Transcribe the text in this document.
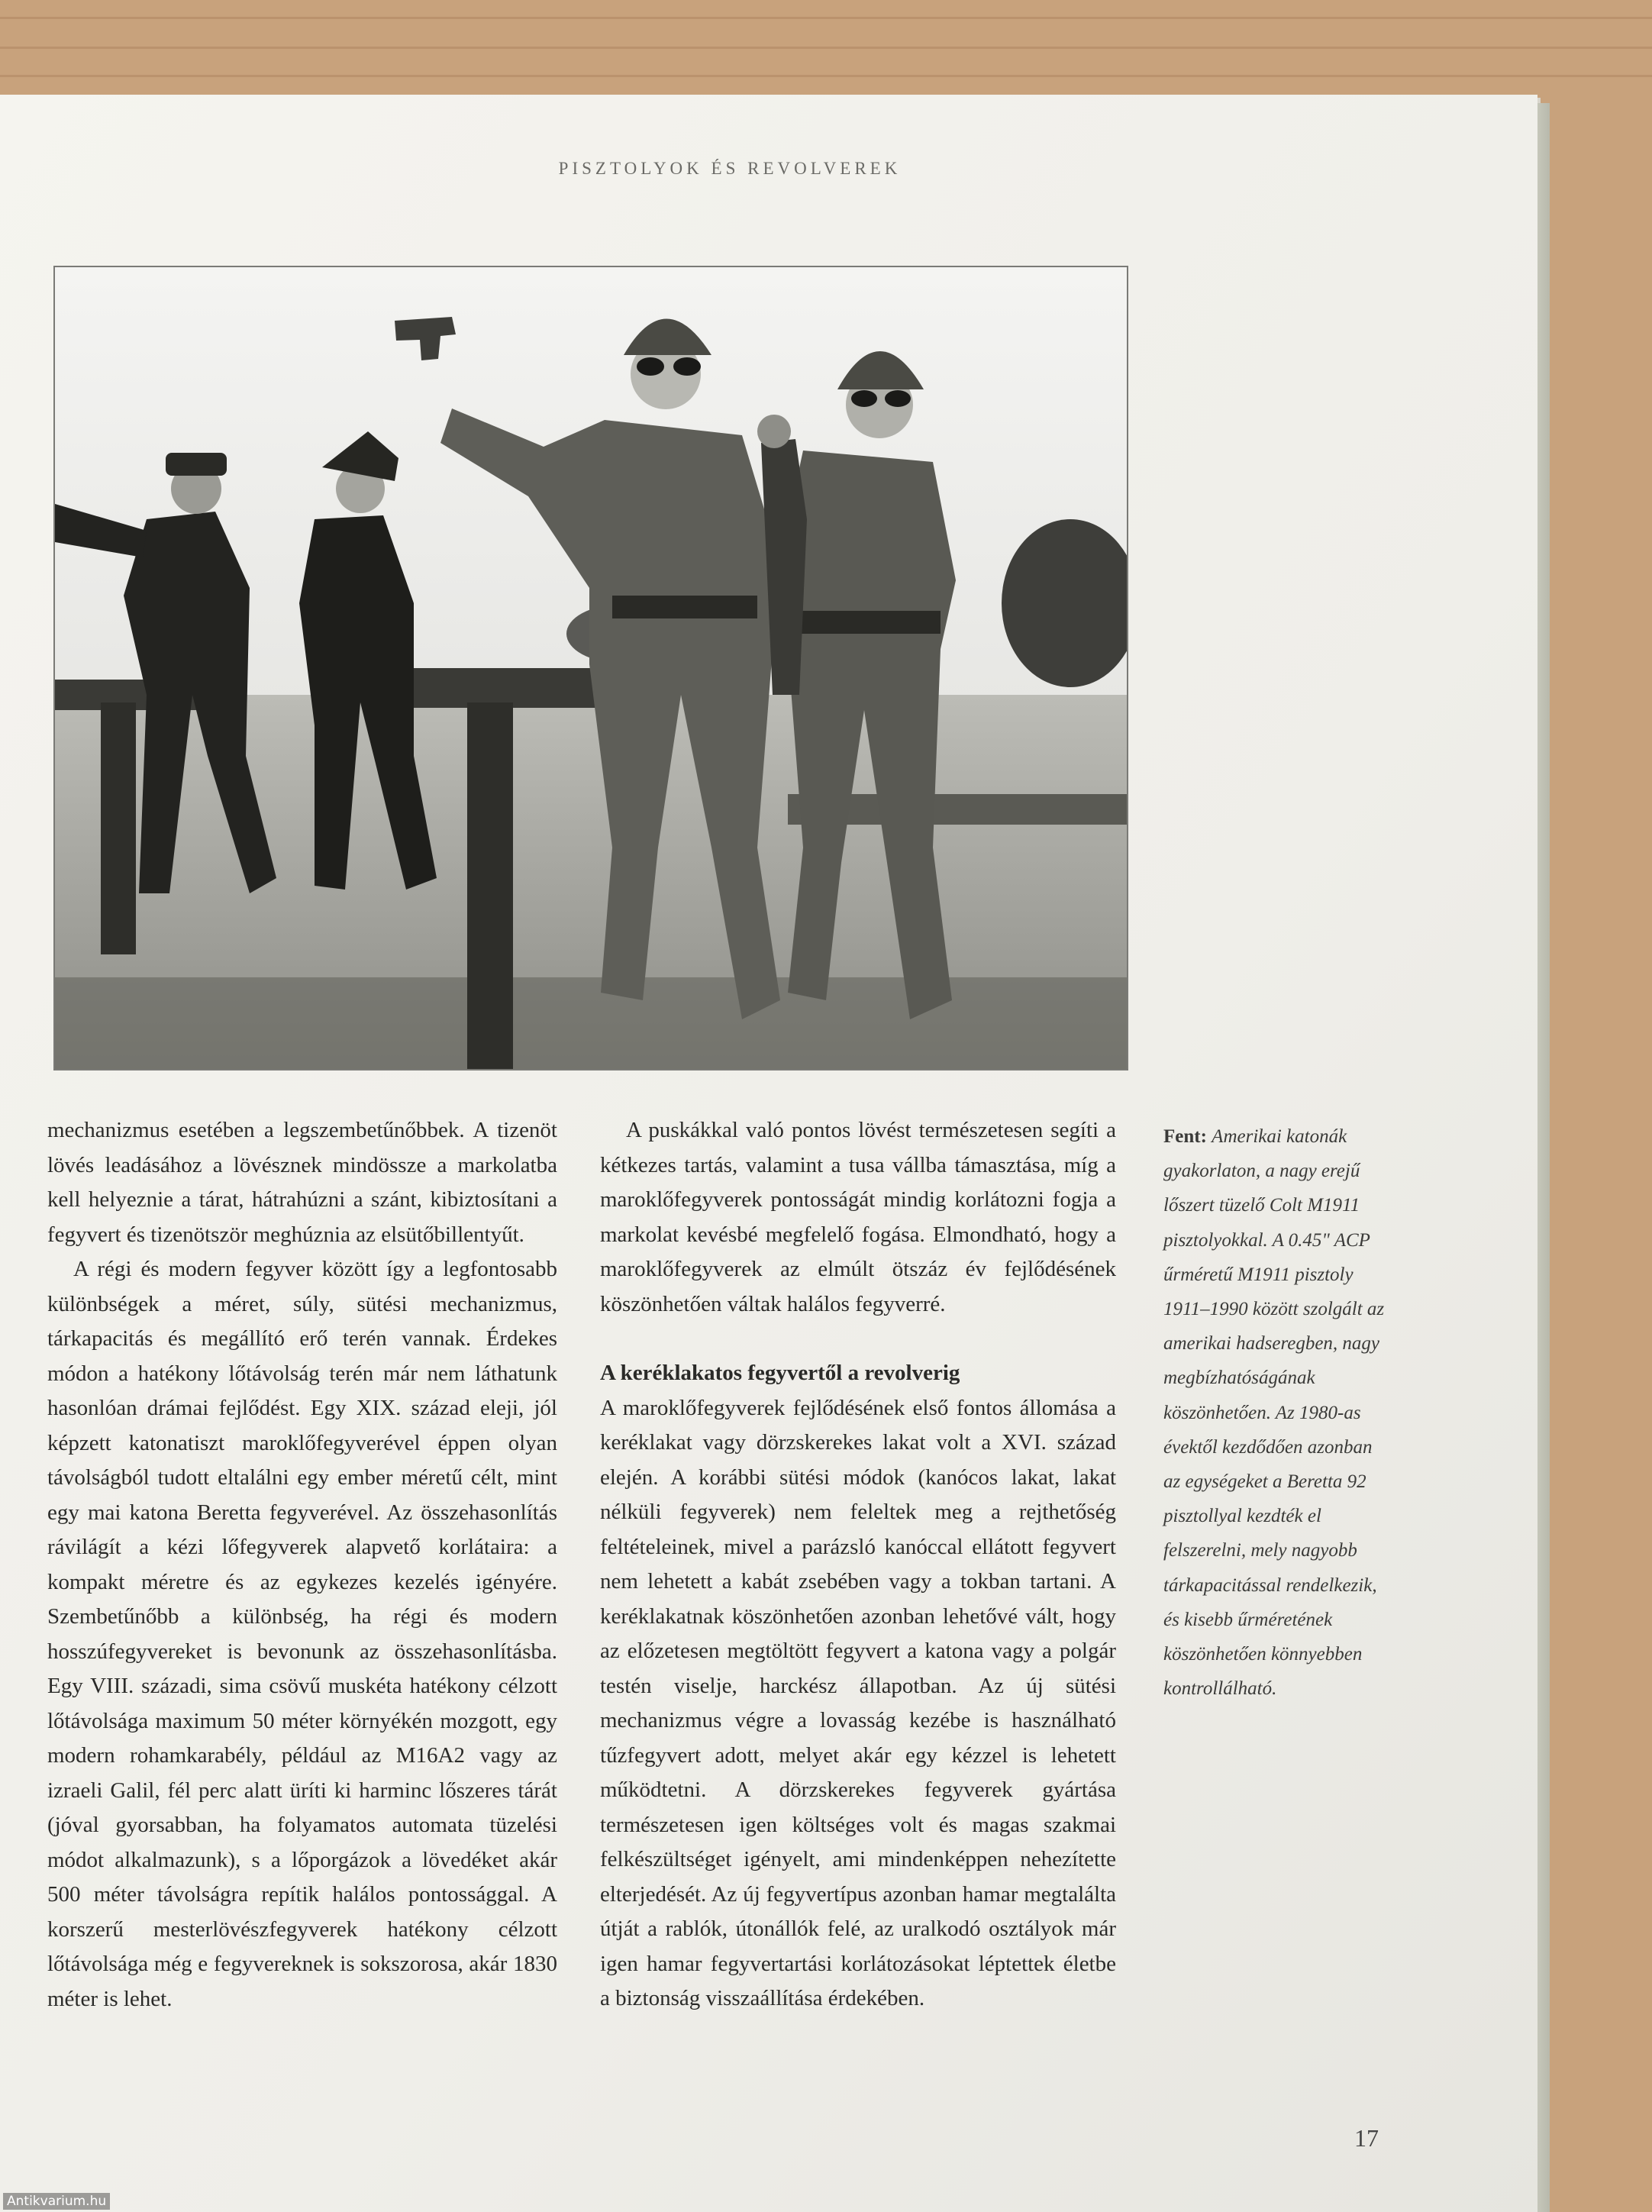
PISZTOLYOK ÉS REVOLVEREK

mechanizmus esetében a legszembetűnőbbek. A tizenöt lövés leadásához a lövésznek mindössze a markolatba kell helyeznie a tárat, hátrahúzni a szánt, kibiztosítani a fegyvert és tizenötször meghúznia az elsütőbillentyűt.

A régi és modern fegyver között így a legfontosabb különbségek a méret, súly, sütési mechanizmus, tárkapacitás és megállító erő terén vannak. Érdekes módon a hatékony lőtávolság terén már nem láthatunk hasonlóan drámai fejlődést. Egy XIX. század eleji, jól képzett katonatiszt maroklőfegyverével éppen olyan távolságból tudott eltalálni egy ember méretű célt, mint egy mai katona Beretta fegyverével. Az összehasonlítás rávilágít a kézi lőfegyverek alapvető korlátaira: a kompakt méretre és az egykezes kezelés igényére. Szembetűnőbb a különbség, ha régi és modern hosszúfegyvereket is bevonunk az összehasonlításba. Egy VIII. századi, sima csövű muskéta hatékony célzott lőtávolsága maximum 50 méter környékén mozgott, egy modern rohamkarabély, például az M16A2 vagy az izraeli Galil, fél perc alatt üríti ki harminc lőszeres tárát (jóval gyorsabban, ha folyamatos automata tüzelési módot alkalmazunk), s a lőporgázok a lövedéket akár 500 méter távolságra repítik halálos pontossággal. A korszerű mesterlövészfegyverek hatékony célzott lőtávolsága még e fegyvereknek is sokszorosa, akár 1830 méter is lehet.

A puskákkal való pontos lövést természetesen segíti a kétkezes tartás, valamint a tusa vállba támasztása, míg a maroklőfegyverek pontosságát mindig korlátozni fogja a markolat kevésbé megfelelő fogása. Elmondható, hogy a maroklőfegyverek az elmúlt ötszáz év fejlődésének köszönhetően váltak halálos fegyverré.

A keréklakatos fegyvertől a revolverig

A maroklőfegyverek fejlődésének első fontos állomása a keréklakat vagy dörzskerekes lakat volt a XVI. század elején. A korábbi sütési módok (kanócos lakat, lakat nélküli fegyverek) nem feleltek meg a rejthetőség feltételeinek, mivel a parázsló kanóccal ellátott fegyvert nem lehetett a kabát zsebében vagy a tokban tartani. A keréklakatnak köszönhetően azonban lehetővé vált, hogy az előzetesen megtöltött fegyvert a katona vagy a polgár testén viselje, harckész állapotban. Az új sütési mechanizmus végre a lovasság kezébe is használható tűzfegyvert adott, melyet akár egy kézzel is lehetett működtetni. A dörzskerekes fegyverek gyártása természetesen igen költséges volt és magas szakmai felkészültséget igényelt, ami mindenképpen nehezítette elterjedését. Az új fegyvertípus azonban hamar megtalálta útját a rablók, útonállók felé, az uralkodó osztályok már igen hamar fegyvertartási korlátozásokat léptettek életbe a biztonság visszaállítása érdekében.

Fent: Amerikai katonák gyakorlaton, a nagy erejű lőszert tüzelő Colt M1911 pisztolyokkal. A 0.45" ACP űrméretű M1911 pisztoly 1911–1990 között szolgált az amerikai hadseregben, nagy megbízhatóságának köszönhetően. Az 1980-as évektől kezdődően azonban az egységeket a Beretta 92 pisztollyal kezdték el felszerelni, mely nagyobb tárkapacitással rendelkezik, és kisebb űrméretének köszönhetően könnyebben kontrollálható.

17

Antikvarium.hu
